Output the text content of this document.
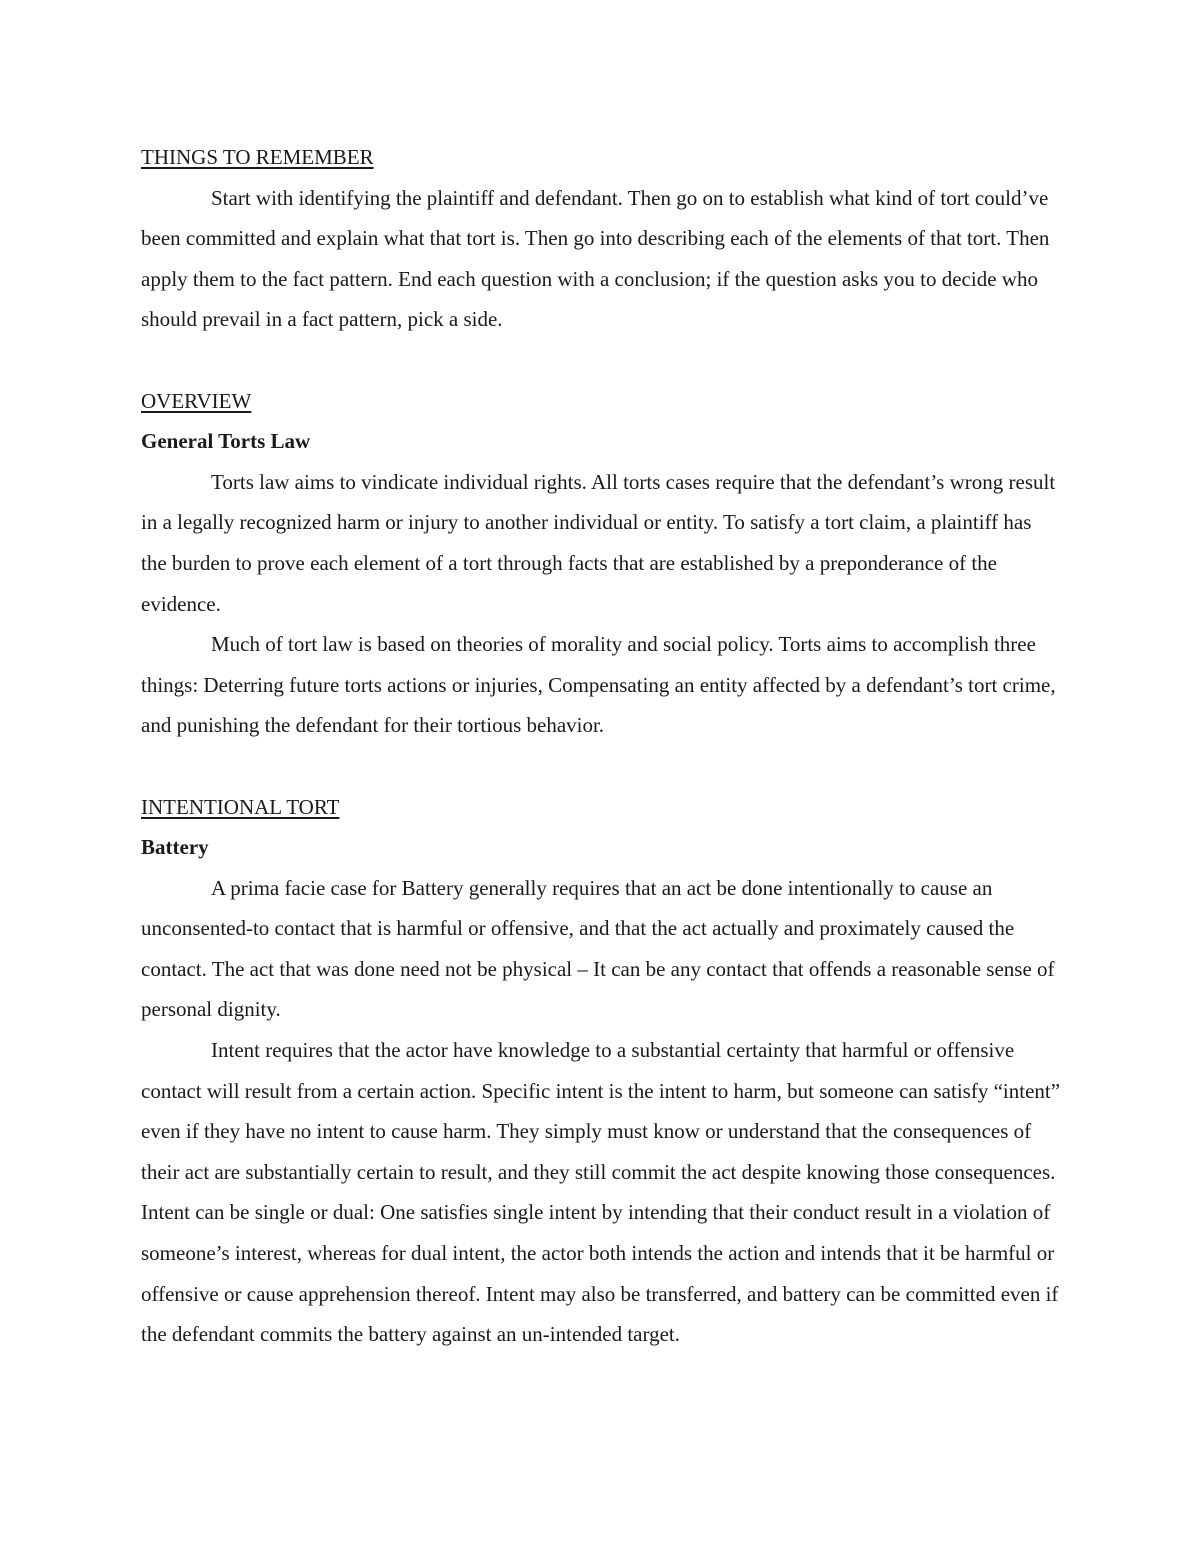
THINGS TO REMEMBER

Start with identifying the plaintiff and defendant. Then go on to establish what kind of tort could’ve been committed and explain what that tort is. Then go into describing each of the elements of that tort. Then apply them to the fact pattern. End each question with a conclusion; if the question asks you to decide who should prevail in a fact pattern, pick a side.

OVERVIEW
General Torts Law

Torts law aims to vindicate individual rights. All torts cases require that the defendant’s wrong result in a legally recognized harm or injury to another individual or entity. To satisfy a tort claim, a plaintiff has the burden to prove each element of a tort through facts that are established by a preponderance of the evidence.

Much of tort law is based on theories of morality and social policy. Torts aims to accomplish three things: Deterring future torts actions or injuries, Compensating an entity affected by a defendant’s tort crime, and punishing the defendant for their tortious behavior.

INTENTIONAL TORT
Battery

A prima facie case for Battery generally requires that an act be done intentionally to cause an unconsented-to contact that is harmful or offensive, and that the act actually and proximately caused the contact. The act that was done need not be physical – It can be any contact that offends a reasonable sense of personal dignity.

Intent requires that the actor have knowledge to a substantial certainty that harmful or offensive contact will result from a certain action. Specific intent is the intent to harm, but someone can satisfy “intent” even if they have no intent to cause harm. They simply must know or understand that the consequences of their act are substantially certain to result, and they still commit the act despite knowing those consequences. Intent can be single or dual: One satisfies single intent by intending that their conduct result in a violation of someone’s interest, whereas for dual intent, the actor both intends the action and intends that it be harmful or offensive or cause apprehension thereof. Intent may also be transferred, and battery can be committed even if the defendant commits the battery against an un-intended target.
